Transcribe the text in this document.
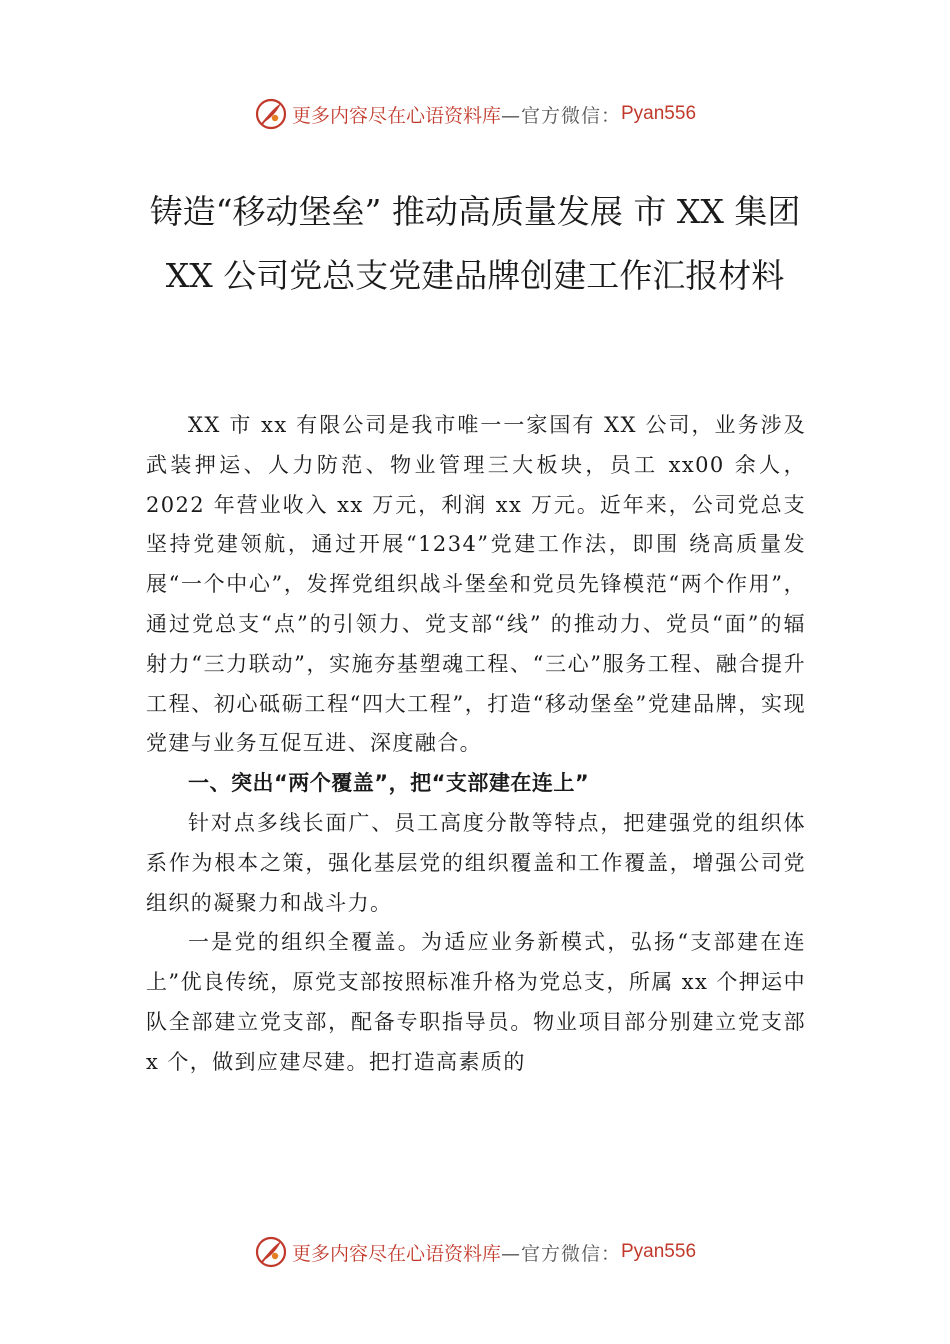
更多内容尽在心语资料库 —官方微信： Pyan556
铸造“移动堡垒” 推动高质量发展 市 XX 集团 XX 公司党总支党建品牌创建工作汇报材料

XX 市 xx 有限公司是我市唯一一家国有 XX 公司，业务涉及武装押运、人力防范、物业管理三大板块，员工 xx00 余人，2022 年营业收入 xx 万元，利润 xx 万元。近年来，公司党总支坚持党建领航，通过开展“1234”党建工作法，即围 绕高质量发展“一个中心”，发挥党组织战斗堡垒和党员先锋模范“两个作用”，通过党总支“点”的引领力、党支部“线” 的推动力、党员“面”的辐射力“三力联动”，实施夯基塑魂工程、“三心”服务工程、融合提升工程、初心砥砺工程“四大工程”，打造“移动堡垒”党建品牌，实现党建与业务互促互进、深度融合。

一、突出“两个覆盖”，把“支部建在连上”

针对点多线长面广、员工高度分散等特点，把建强党的组织体系作为根本之策，强化基层党的组织覆盖和工作覆盖，增强公司党组织的凝聚力和战斗力。

一是党的组织全覆盖。为适应业务新模式，弘扬“支部建在连上”优良传统，原党支部按照标准升格为党总支，所属 xx 个押运中队全部建立党支部，配备专职指导员。物业项目部分别建立党支部 x 个，做到应建尽建。把打造高素质的

更多内容尽在心语资料库 —官方微信： Pyan556
